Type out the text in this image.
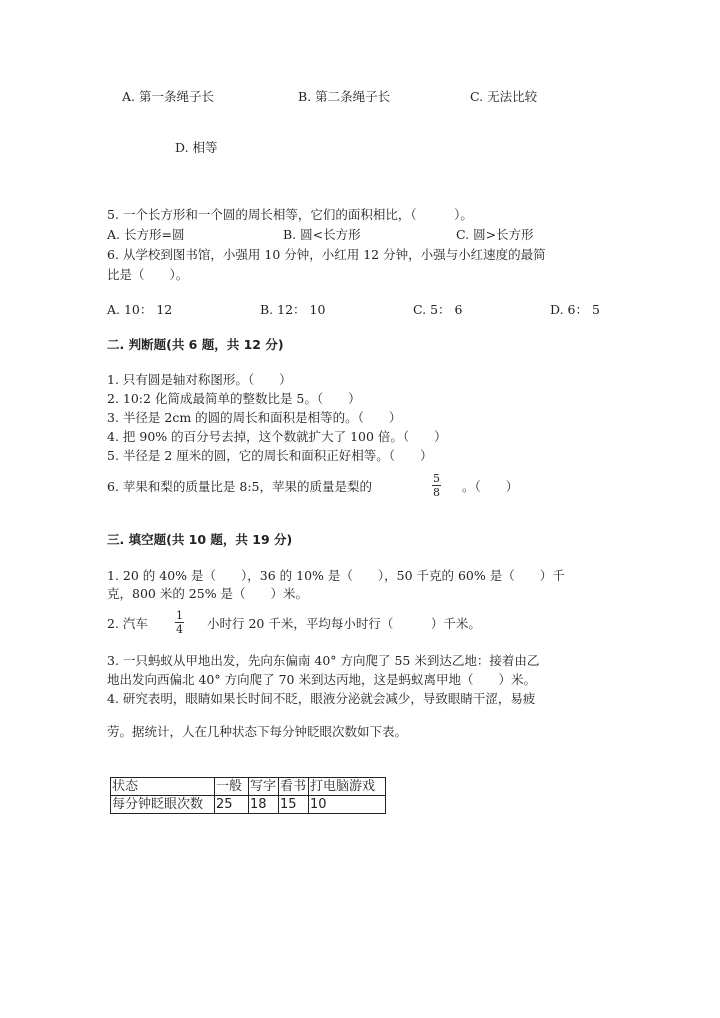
A. 第一条绳子长	B. 第二条绳子长	C. 无法比较
D. 相等
5. 一个长方形和一个圆的周长相等，它们的面积相比，（　　　）。
A. 长方形=圆	B. 圆<长方形	C. 圆>长方形
6. 从学校到图书馆，小强用 10 分钟，小红用 12 分钟，小强与小红速度的最简
比是（　　）。
A. 10： 12	B. 12： 10	C. 5： 6	D. 6： 5
二. 判断题(共 6 题，共 12 分)
1. 只有圆是轴对称图形。（　　）
2. 10:2 化简成最简单的整数比是 5。（　　）
3. 半径是 2cm 的圆的周长和面积是相等的。（　　）
4. 把 90% 的百分号去掉，这个数就扩大了 100 倍。（　　）
5. 半径是 2 厘米的圆，它的周长和面积正好相等。（　　）
6. 苹果和梨的质量比是 8:5，苹果的质量是梨的
5
8 。（　　）
三. 填空题(共 10 题，共 19 分)
1. 20 的 40% 是（　　），36 的 10% 是（　　），50 千克的 60% 是（　　）千
克，800 米的 25% 是（　　）米。
2. 汽车
1
4 小时行 20 千米，平均每小时行（　　　）千米。
3. 一只蚂蚁从甲地出发，先向东偏南 40° 方向爬了 55 米到达乙地：接着由乙
地出发向西偏北 40° 方向爬了 70 米到达丙地，这是蚂蚁离甲地（　　）米。
4. 研究表明，眼睛如果长时间不眨，眼液分泌就会减少，导致眼睛干涩，易疲
劳。据统计，人在几种状态下每分钟眨眼次数如下表。
状态	一般	写字	看书	打电脑游戏
每分钟眨眼次数	25	18	15	10
